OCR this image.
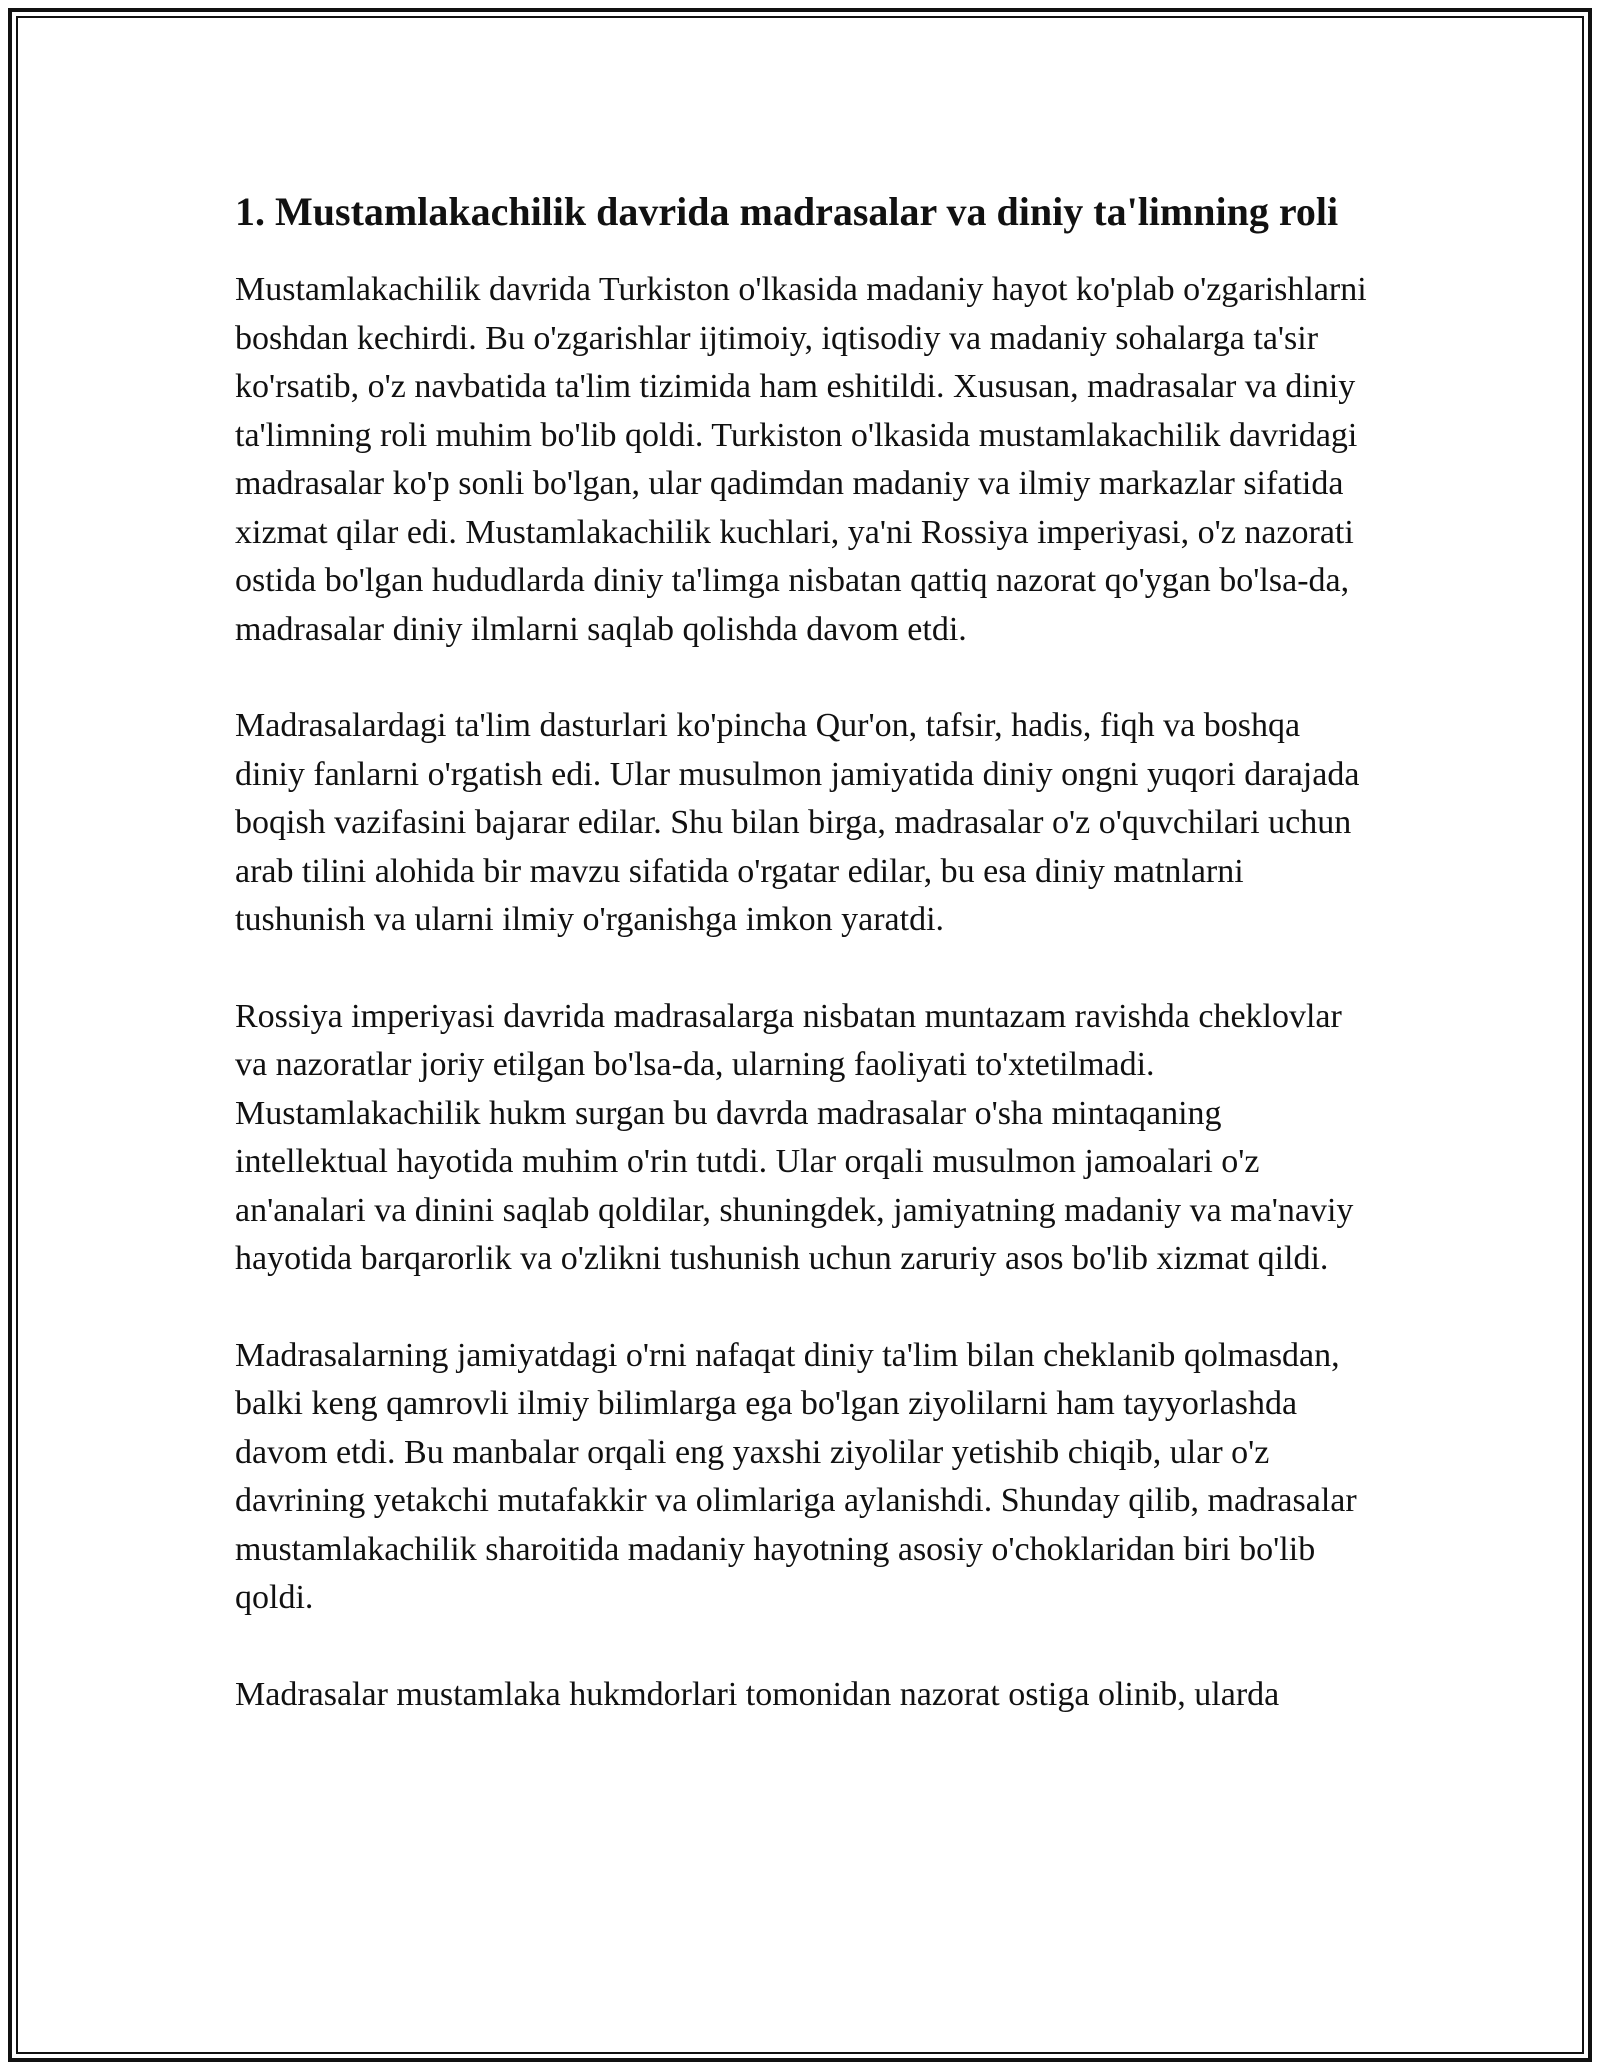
1. Mustamlakachilik davrida madrasalar va diniy ta'limning roli

Mustamlakachilik davrida Turkiston o'lkasida madaniy hayot ko'plab o'zgarishlarni boshdan kechirdi. Bu o'zgarishlar ijtimoiy, iqtisodiy va madaniy sohalarga ta'sir ko'rsatib, o'z navbatida ta'lim tizimida ham eshitildi. Xususan, madrasalar va diniy ta'limning roli muhim bo'lib qoldi. Turkiston o'lkasida mustamlakachilik davridagi madrasalar ko'p sonli bo'lgan, ular qadimdan madaniy va ilmiy markazlar sifatida xizmat qilar edi. Mustamlakachilik kuchlari, ya'ni Rossiya imperiyasi, o'z nazorati ostida bo'lgan hududlarda diniy ta'limga nisbatan qattiq nazorat qo'ygan bo'lsa-da, madrasalar diniy ilmlarni saqlab qolishda davom etdi.

Madrasalardagi ta'lim dasturlari ko'pincha Qur'on, tafsir, hadis, fiqh va boshqa diniy fanlarni o'rgatish edi. Ular musulmon jamiyatida diniy ongni yuqori darajada boqish vazifasini bajarar edilar. Shu bilan birga, madrasalar o'z o'quvchilari uchun arab tilini alohida bir mavzu sifatida o'rgatar edilar, bu esa diniy matnlarni tushunish va ularni ilmiy o'rganishga imkon yaratdi.

Rossiya imperiyasi davrida madrasalarga nisbatan muntazam ravishda cheklovlar va nazoratlar joriy etilgan bo'lsa-da, ularning faoliyati to'xtetilmadi. Mustamlakachilik hukm surgan bu davrda madrasalar o'sha mintaqaning intellektual hayotida muhim o'rin tutdi. Ular orqali musulmon jamoalari o'z an'analari va dinini saqlab qoldilar, shuningdek, jamiyatning madaniy va ma'naviy hayotida barqarorlik va o'zlikni tushunish uchun zaruriy asos bo'lib xizmat qildi.

Madrasalarning jamiyatdagi o'rni nafaqat diniy ta'lim bilan cheklanib qolmasdan, balki keng qamrovli ilmiy bilimlarga ega bo'lgan ziyolilarni ham tayyorlashda davom etdi. Bu manbalar orqali eng yaxshi ziyolilar yetishib chiqib, ular o'z davrining yetakchi mutafakkir va olimlariga aylanishdi. Shunday qilib, madrasalar mustamlakachilik sharoitida madaniy hayotning asosiy o'choklaridan biri bo'lib qoldi.

Madrasalar mustamlaka hukmdorlari tomonidan nazorat ostiga olinib, ularda
